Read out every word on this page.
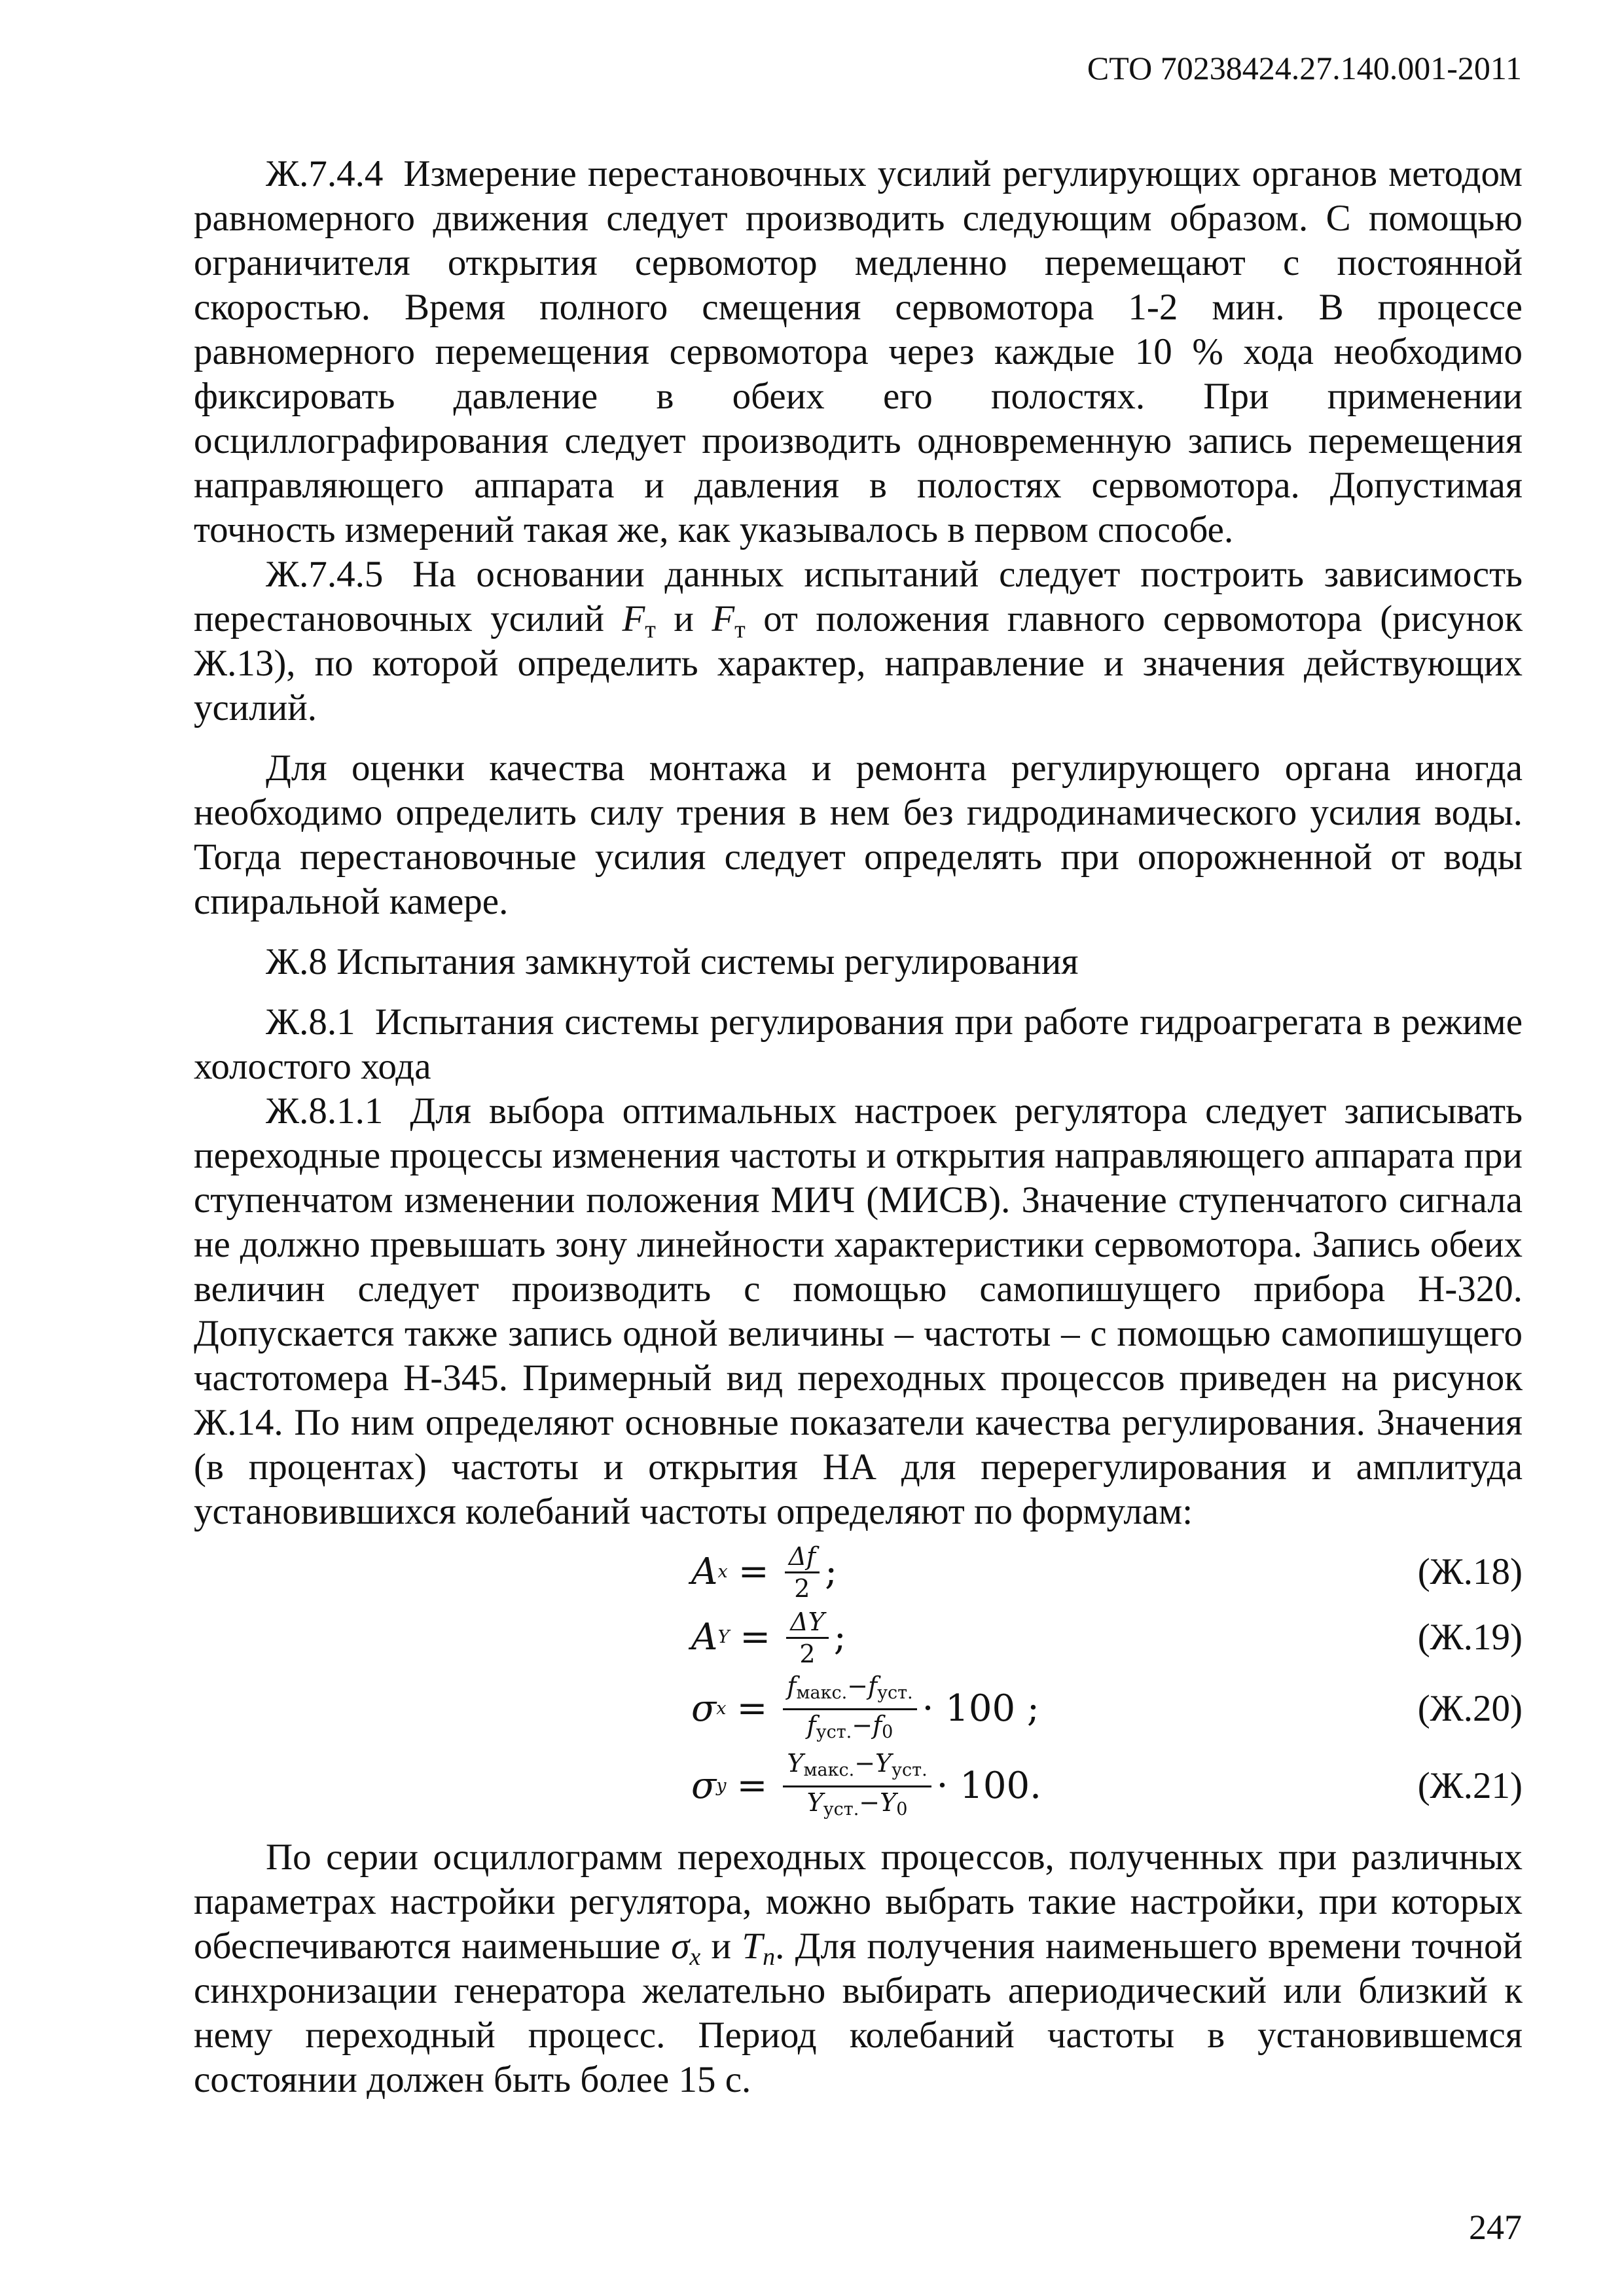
СТО 70238424.27.140.001-2011

Ж.7.4.4 Измерение перестановочных усилий регулирующих органов методом равномерного движения следует производить следующим образом. С помощью ограничителя открытия сервомотор медленно перемещают с постоянной скоростью. Время полного смещения сервомотора 1-2 мин. В процессе равномерного перемещения сервомотора через каждые 10 % хода необходимо фиксировать давление в обеих его полостях. При применении осциллографирования следует производить одновременную запись перемещения направляющего аппарата и давления в полостях сервомотора. Допустимая точность измерений такая же, как указывалось в первом способе.

Ж.7.4.5 На основании данных испытаний следует построить зависимость перестановочных усилий $F_т$ и $F_т$ от положения главного сервомотора (рисунок Ж.13), по которой определить характер, направление и значения действующих усилий.

Для оценки качества монтажа и ремонта регулирующего органа иногда необходимо определить силу трения в нем без гидродинамического усилия воды. Тогда перестановочные усилия следует определять при опорожненной от воды спиральной камере.

Ж.8 Испытания замкнутой системы регулирования

Ж.8.1 Испытания системы регулирования при работе гидроагрегата в режиме холостого хода

Ж.8.1.1 Для выбора оптимальных настроек регулятора следует записывать переходные процессы изменения частоты и открытия направляющего аппарата при ступенчатом изменении положения МИЧ (МИСВ). Значение ступенчатого сигнала не должно превышать зону линейности характеристики сервомотора. Запись обеих величин следует производить с помощью самопишущего прибора Н-320. Допускается также запись одной величины – частоты – с помощью самопишущего частотомера Н-345. Примерный вид переходных процессов приведен на рисунок Ж.14. По ним определяют основные показатели качества регулирования. Значения (в процентах) частоты и открытия НА для перерегулирования и амплитуда установившихся колебаний частоты определяют по формулам:

A $x = \frac{\Delta f}{2}$ ;	(Ж.18)
A $Y = \frac{\Delta Y}{2}$ ;	(Ж.19)
σ $x = \frac{\text{fмакс.−fуст.}}{\text{fуст.−f0}} \cdot 100$
;	(Ж.20)
σ $y = \frac{\text{Yмакс.−Yуст.}}{\text{Yуст.−Y0}} \cdot 100$.	(Ж.21)

По серии осциллограмм переходных процессов, полученных при различных параметрах настройки регулятора, можно выбрать такие настройки, при которых обеспечиваются наименьшие $\sigma_x$ и $T_n$. Для получения наименьшего времени точной синхронизации генератора желательно выбирать апериодический или близкий к нему переходный процесс. Период колебаний частоты в установившемся состоянии должен быть более 15 с.

247
